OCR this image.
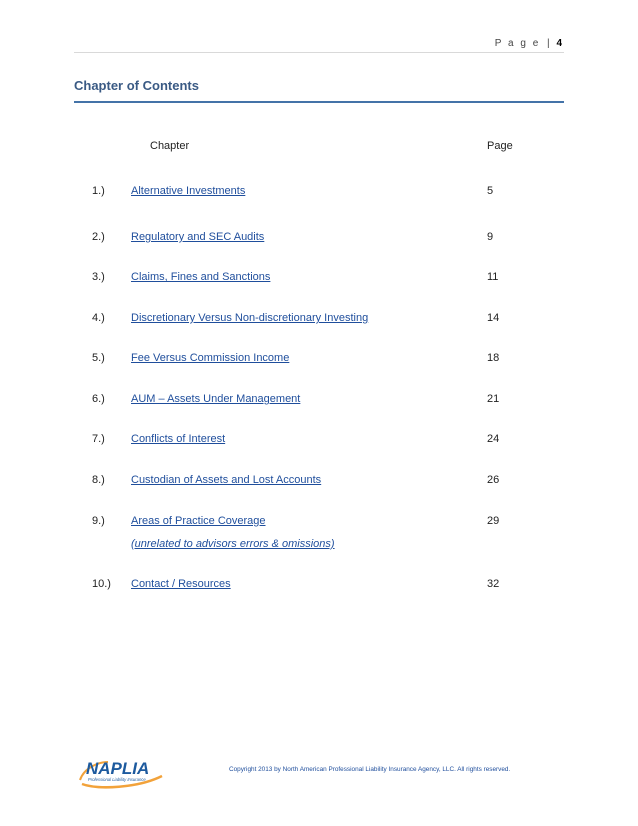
P a g e | 4
Chapter of Contents
Chapter	Page
1.) Alternative Investments	5
2.) Regulatory and SEC Audits	9
3.) Claims, Fines and Sanctions	11
4.) Discretionary Versus Non-discretionary Investing	14
5.) Fee Versus Commission Income	18
6.) AUM – Assets Under Management	21
7.) Conflicts of Interest	24
8.) Custodian of Assets and Lost Accounts	26
9.) Areas of Practice Coverage	29
(unrelated to advisors errors & omissions)
10.) Contact / Resources	32
NAPLIA
Professional Liability Insurance
Copyright 2013 by North American Professional Liability Insurance Agency, LLC. All rights reserved.
